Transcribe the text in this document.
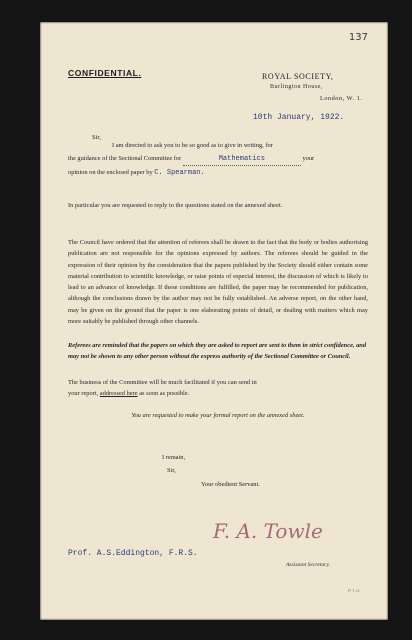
137
CONFIDENTIAL.	ROYAL SOCIETY,
Burlington House,
London, W. 1.
10th January, 1922.
Sir,
I am directed to ask you to be so good as to give in writing, for
the guidance of the Sectional Committee for	Mathematics	your
opinion on the enclosed paper by C. Spearman.

In particular you are requested to reply to the questions stated on the annexed sheet.

The Council have ordered that the attention of referees shall be drawn to the fact that the body or bodies authorising publication are not responsible for the opinions expressed by authors. The referees should be guided in the expression of their opinion by the consideration that the papers published by the Society should either contain some material contribution to scientific knowledge, or raise points of especial interest, the discussion of which is likely to lead to an advance of knowledge. If these conditions are fulfilled, the paper may be recommended for publication, although the conclusions drawn by the author may not be fully established. An adverse report, on the other hand, may be given on the ground that the paper is one elaborating points of detail, or dealing with matters which may more suitably be published through other channels.

Referees are reminded that the papers on which they are asked to report are sent to them in strict confidence, and may not be shown to any other person without the express authority of the Sectional Committee or Council.

The business of the Committee will be much facilitated if you can send in
your report, addressed here as soon as possible.

You are requested to make your formal report on the annexed sheet.

I remain,
Sir,
Your obedient Servant.
F. A. Towle
Prof. A.S.Eddington, F.R.S.
Assistant Secretary.
P.T.O.
